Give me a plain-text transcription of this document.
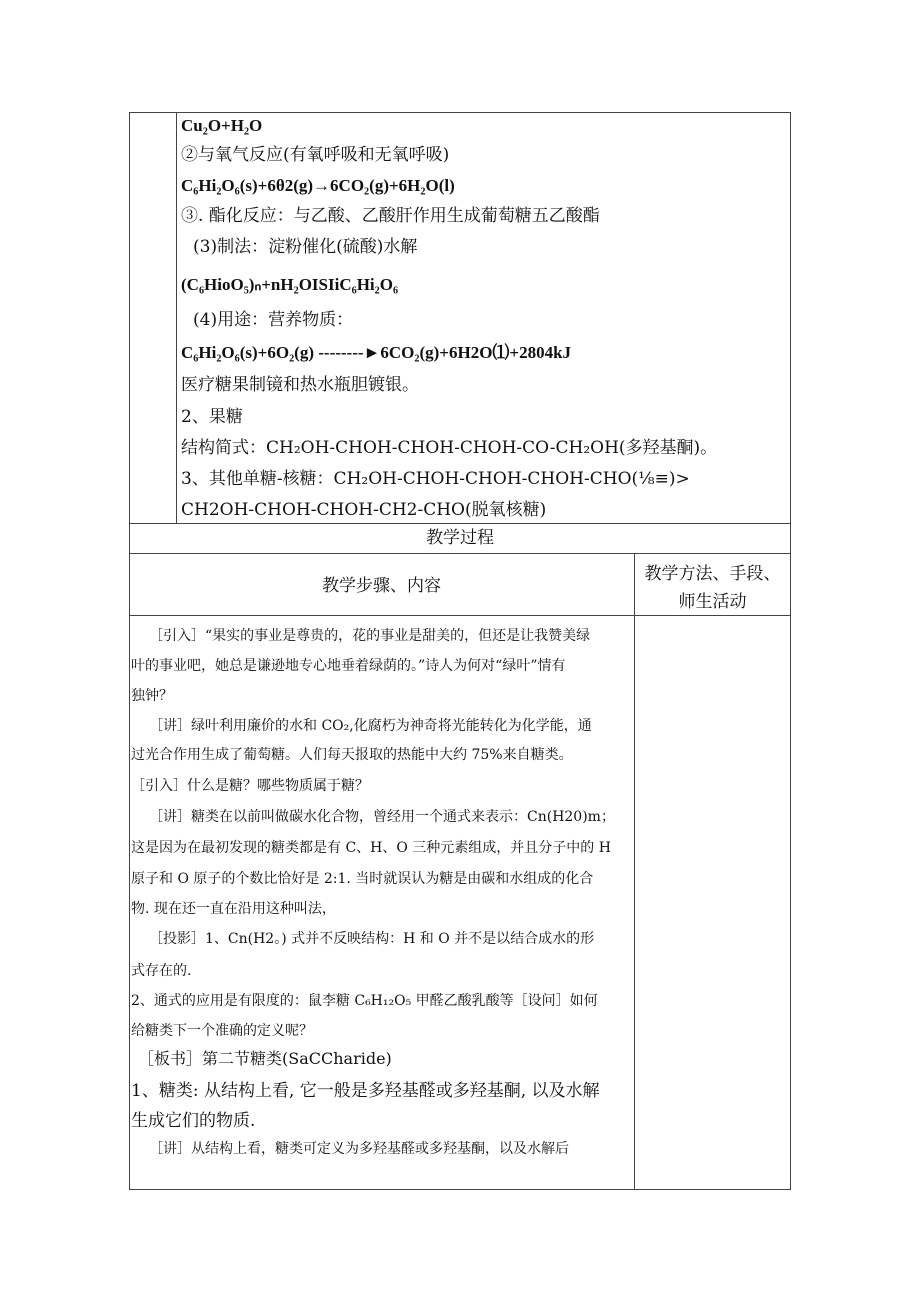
Cu₂O+H₂O
②与氧气反应(有氧呼吸和无氧呼吸)
C₆Hi₂O₆(s)+6θ2(g)→6CO₂(g)+6H₂O(l)
③. 酯化反应：与乙酸、乙酸肝作用生成葡萄糖五乙酸酯
(3)制法：淀粉催化(硫酸)水解
(C₆HioO₅)ₙ+nH₂OISIiC₆Hi₂O₆
(4)用途：营养物质：
C₆Hi₂O₆(s)+6O₂(g) --------►6CO₂(g)+6H2O⑴+2804kJ
医疗糖果制镜和热水瓶胆镀银。
2、果糖
结构简式：CH₂OH-CHOH-CHOH-CHOH-CO-CH₂OH(多羟基酮)。
3、其他单糖-核糖：CH₂OH-CHOH-CHOH-CHOH-CHO(⅛≡)>
CH2OH-CHOH-CHOH-CH2-CHO(脱氧核糖)
教学过程
教学步骤、内容
教学方法、手段、
师生活动
［引入］“果实的事业是尊贵的，花的事业是甜美的，但还是让我赞美绿
叶的事业吧，她总是谦逊地专心地垂着绿荫的。”诗人为何对“绿叶”情有
独钟？
［讲］绿叶利用廉价的水和 CO₂,化腐朽为神奇将光能转化为化学能，通
过光合作用生成了葡萄糖。人们每天报取的热能中大约 75%来自糖类。
［引入］什么是糖？哪些物质属于糖？
［讲］糖类在以前叫做碳水化合物，曾经用一个通式来表示：Cn(H20)m；
这是因为在最初发现的糖类都是有 C、H、O 三种元素组成，并且分子中的 H
原子和 O 原子的个数比恰好是 2:1. 当时就误认为糖是由碳和水组成的化合
物. 现在还一直在沿用这种叫法，
［投影］1、Cn(H2。) 式并不反映结构：H 和 O 并不是以结合成水的形
式存在的.
2、通式的应用是有限度的：鼠李糖 C₆H₁₂O₅ 甲醛乙酸乳酸等［设问］如何
给糖类下一个准确的定义呢？
［板书］第二节糖类(SaCCharide)
1、糖类: 从结构上看, 它一般是多羟基醛或多羟基酮, 以及水解
生成它们的物质.
［讲］从结构上看，糖类可定义为多羟基醛或多羟基酮，以及水解后
